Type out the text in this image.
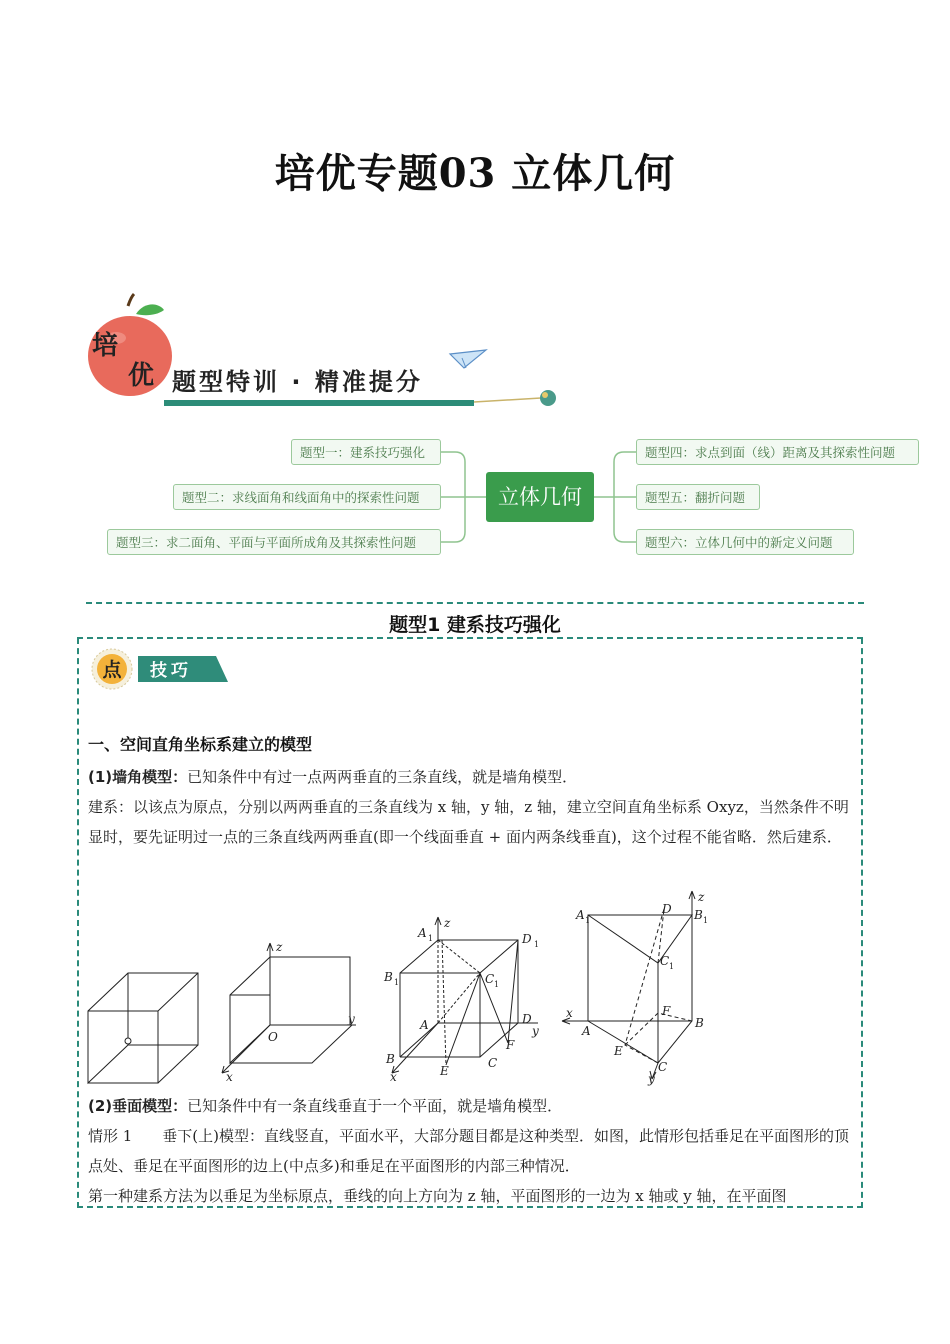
培优专题03 立体几何
培
优 题型特训 · 精准提分
立体几何
题型一：建系技巧强化
题型二：求线面角和线面角中的探索性问题
题型三：求二面角、平面与平面所成角及其探索性问题
题型四：求点到面（线）距离及其探索性问题
题型五：翻折问题
题型六：立体几何中的新定义问题
题型1 建系技巧强化
点 技巧
一、空间直角坐标系建立的模型
(1)墙角模型：已知条件中有过一点两两垂直的三条直线，就是墙角模型．
建系：以该点为原点，分别以两两垂直的三条直线为 x 轴，y 轴，z 轴，建立空间直角坐标系 Oxyz，当然条件不明显时，要先证明过一点的三条直线两两垂直(即一个线面垂直 + 面内两条线垂直)，这个过程不能省略．然后建系．
z
y
x
O
A 1
z
D 1
B 1	C 1
A	D
y
F
B	C
E
x
A 1
D B 1
z
C 1
F
x
A
B
E
C
y
(2)垂面模型：已知条件中有一条直线垂直于一个平面，就是墙角模型．
情形 1　　垂下(上)模型：直线竖直，平面水平，大部分题目都是这种类型．如图，此情形包括垂足在平面图形的顶点处、垂足在平面图形的边上(中点多)和垂足在平面图形的内部三种情况．
第一种建系方法为以垂足为坐标原点，垂线的向上方向为 z 轴，平面图形的一边为 x 轴或 y 轴，在平面图
